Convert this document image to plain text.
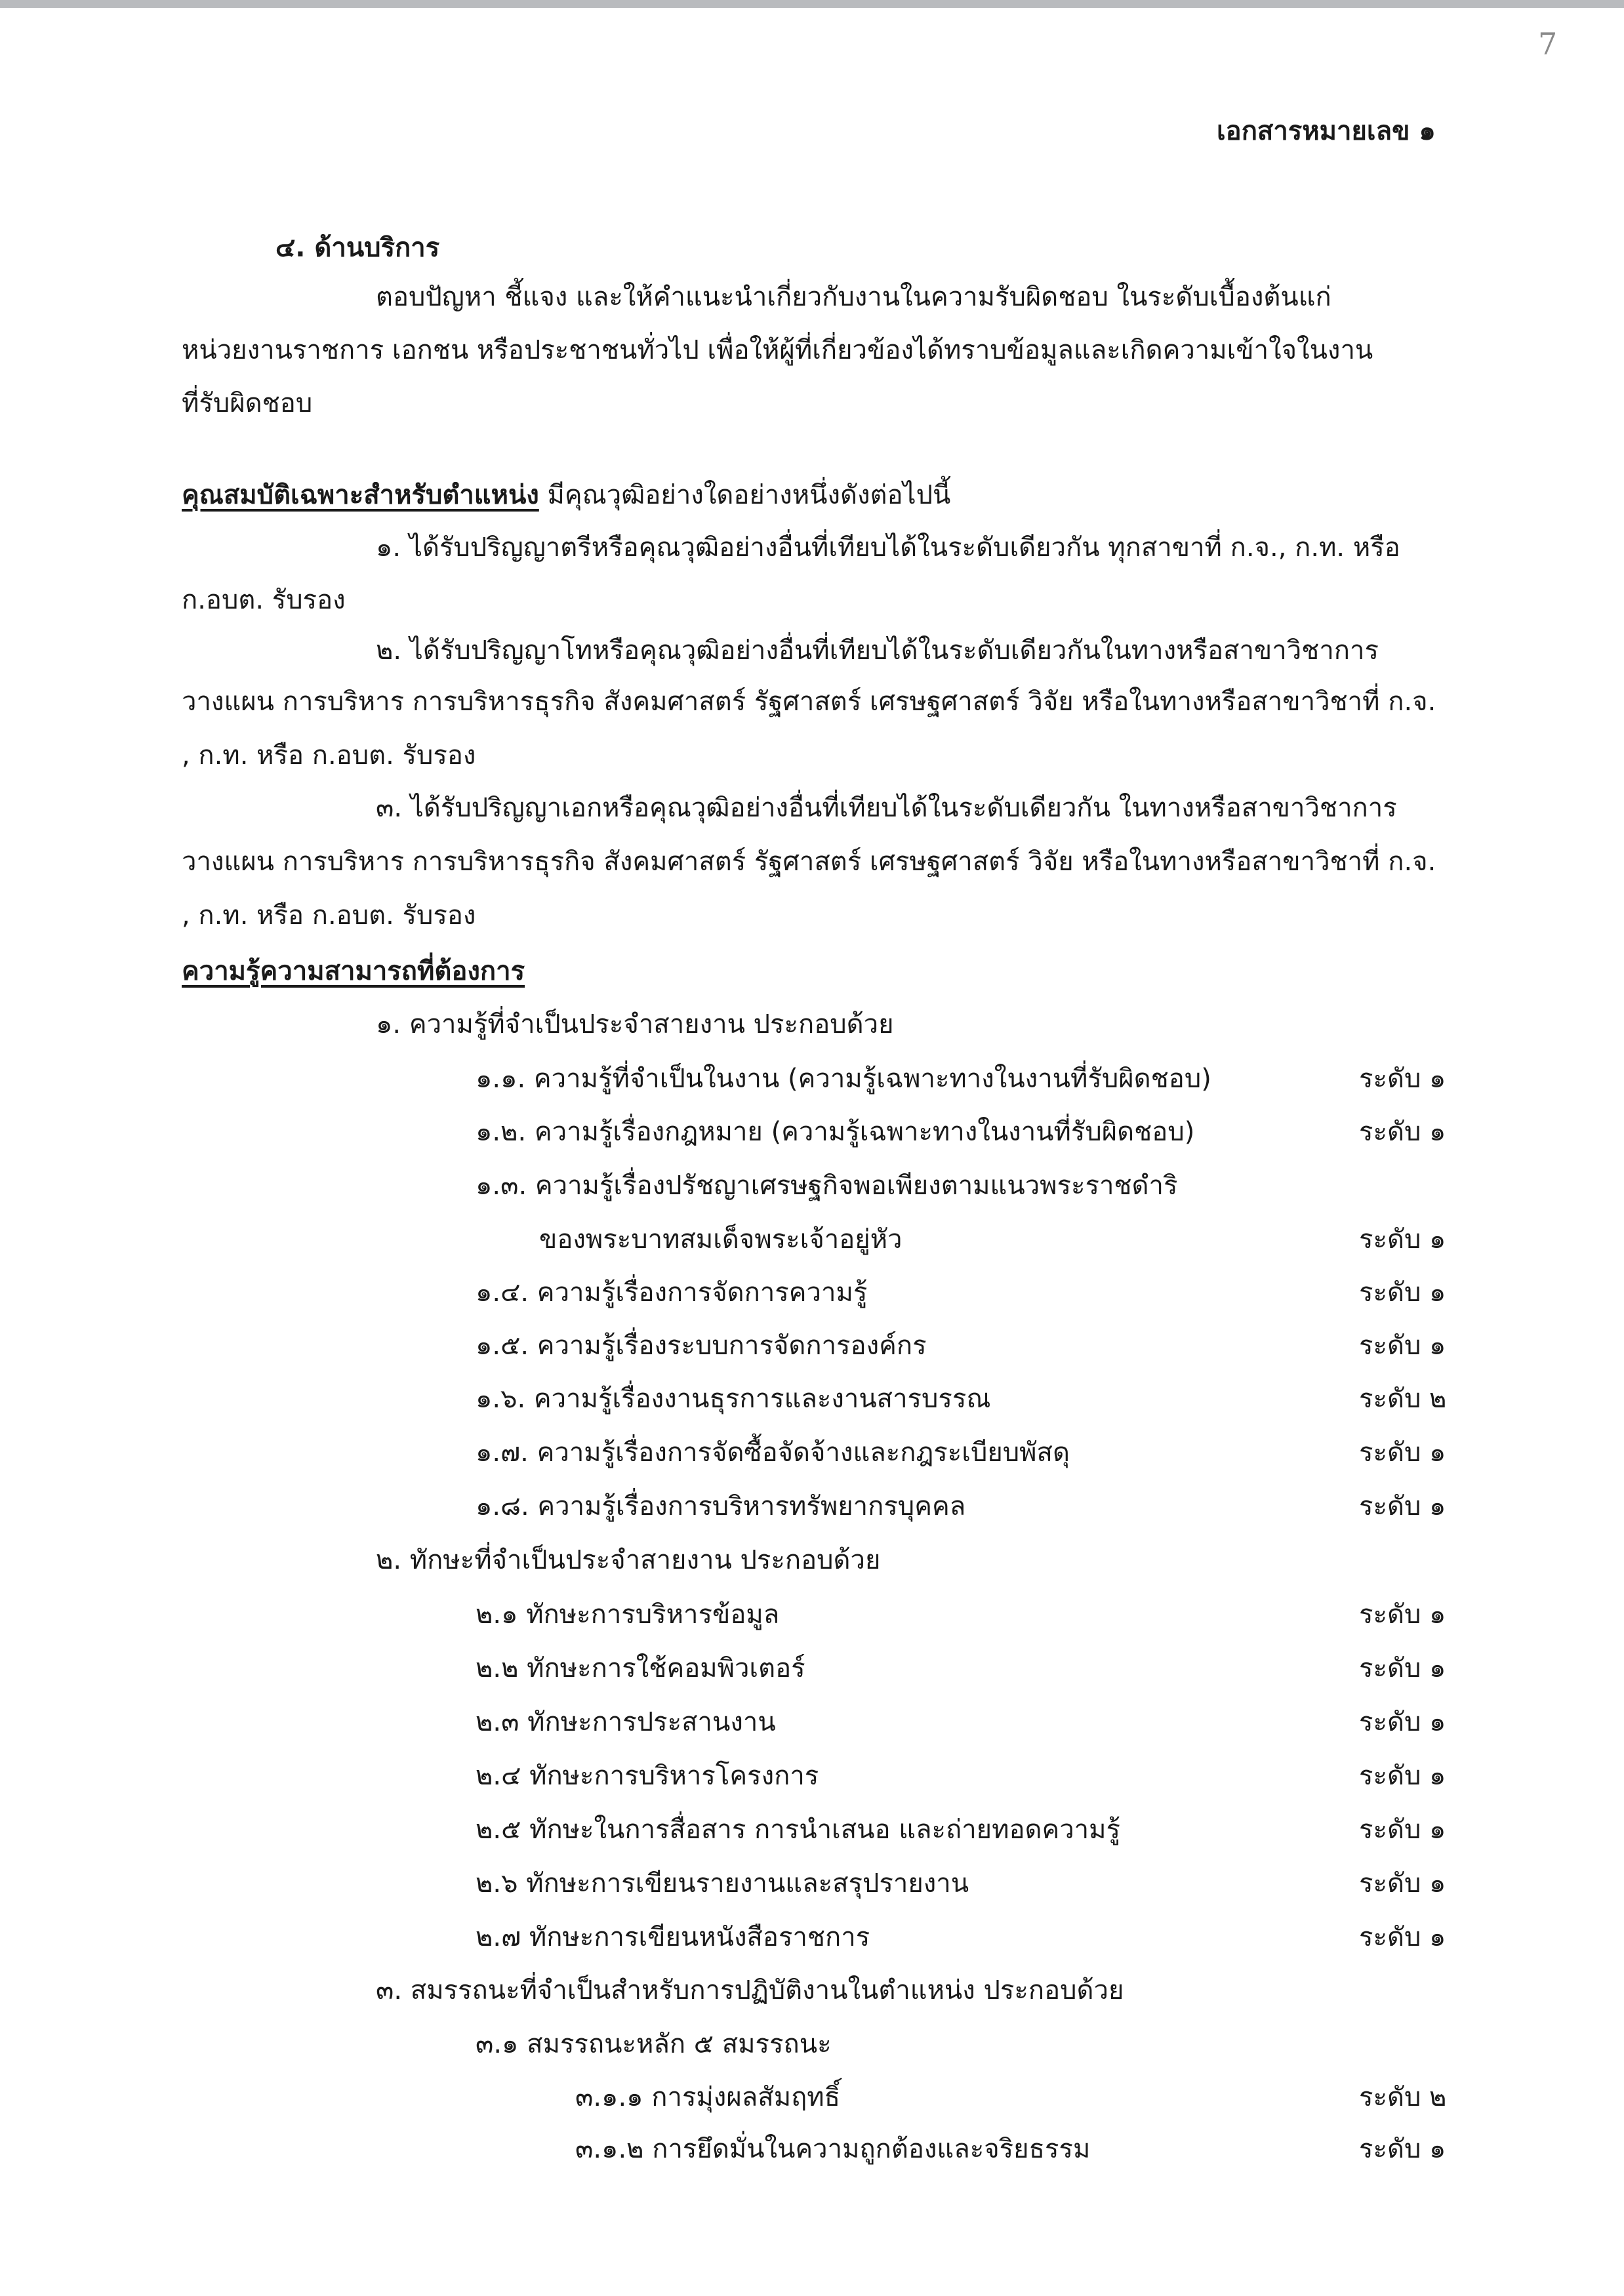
7
เอกสารหมายเลข ๑
๔. ด้านบริการ
ตอบปัญหา ชี้แจง และให้คำแนะนำเกี่ยวกับงานในความรับผิดชอบ ในระดับเบื้องต้นแก่
หน่วยงานราชการ เอกชน หรือประชาชนทั่วไป เพื่อให้ผู้ที่เกี่ยวข้องได้ทราบข้อมูลและเกิดความเข้าใจในงาน
ที่รับผิดชอบ
คุณสมบัติเฉพาะสำหรับตำแหน่ง มีคุณวุฒิอย่างใดอย่างหนึ่งดังต่อไปนี้
๑. ได้รับปริญญาตรีหรือคุณวุฒิอย่างอื่นที่เทียบได้ในระดับเดียวกัน ทุกสาขาที่ ก.จ., ก.ท. หรือ
ก.อบต. รับรอง
๒. ได้รับปริญญาโทหรือคุณวุฒิอย่างอื่นที่เทียบได้ในระดับเดียวกันในทางหรือสาขาวิชาการ
วางแผน การบริหาร การบริหารธุรกิจ สังคมศาสตร์ รัฐศาสตร์ เศรษฐศาสตร์ วิจัย หรือในทางหรือสาขาวิชาที่ ก.จ.
, ก.ท. หรือ ก.อบต. รับรอง
๓. ได้รับปริญญาเอกหรือคุณวุฒิอย่างอื่นที่เทียบได้ในระดับเดียวกัน ในทางหรือสาขาวิชาการ
วางแผน การบริหาร การบริหารธุรกิจ สังคมศาสตร์ รัฐศาสตร์ เศรษฐศาสตร์ วิจัย หรือในทางหรือสาขาวิชาที่ ก.จ.
, ก.ท. หรือ ก.อบต. รับรอง
ความรู้ความสามารถที่ต้องการ
๑. ความรู้ที่จำเป็นประจำสายงาน ประกอบด้วย
๑.๑. ความรู้ที่จำเป็นในงาน (ความรู้เฉพาะทางในงานที่รับผิดชอบ)	ระดับ ๑
๑.๒. ความรู้เรื่องกฎหมาย (ความรู้เฉพาะทางในงานที่รับผิดชอบ)	ระดับ ๑
๑.๓. ความรู้เรื่องปรัชญาเศรษฐกิจพอเพียงตามแนวพระราชดำริ
ของพระบาทสมเด็จพระเจ้าอยู่หัว	ระดับ ๑
๑.๔. ความรู้เรื่องการจัดการความรู้	ระดับ ๑
๑.๕. ความรู้เรื่องระบบการจัดการองค์กร	ระดับ ๑
๑.๖. ความรู้เรื่องงานธุรการและงานสารบรรณ	ระดับ ๒
๑.๗. ความรู้เรื่องการจัดซื้อจัดจ้างและกฎระเบียบพัสดุ	ระดับ ๑
๑.๘. ความรู้เรื่องการบริหารทรัพยากรบุคคล	ระดับ ๑
๒. ทักษะที่จำเป็นประจำสายงาน ประกอบด้วย
๒.๑ ทักษะการบริหารข้อมูล	ระดับ ๑
๒.๒ ทักษะการใช้คอมพิวเตอร์	ระดับ ๑
๒.๓ ทักษะการประสานงาน	ระดับ ๑
๒.๔ ทักษะการบริหารโครงการ	ระดับ ๑
๒.๕ ทักษะในการสื่อสาร การนำเสนอ และถ่ายทอดความรู้	ระดับ ๑
๒.๖ ทักษะการเขียนรายงานและสรุปรายงาน	ระดับ ๑
๒.๗ ทักษะการเขียนหนังสือราชการ	ระดับ ๑
๓. สมรรถนะที่จำเป็นสำหรับการปฏิบัติงานในตำแหน่ง ประกอบด้วย
๓.๑ สมรรถนะหลัก ๕ สมรรถนะ
๓.๑.๑ การมุ่งผลสัมฤทธิ์	ระดับ ๒
๓.๑.๒ การยึดมั่นในความถูกต้องและจริยธรรม	ระดับ ๑
